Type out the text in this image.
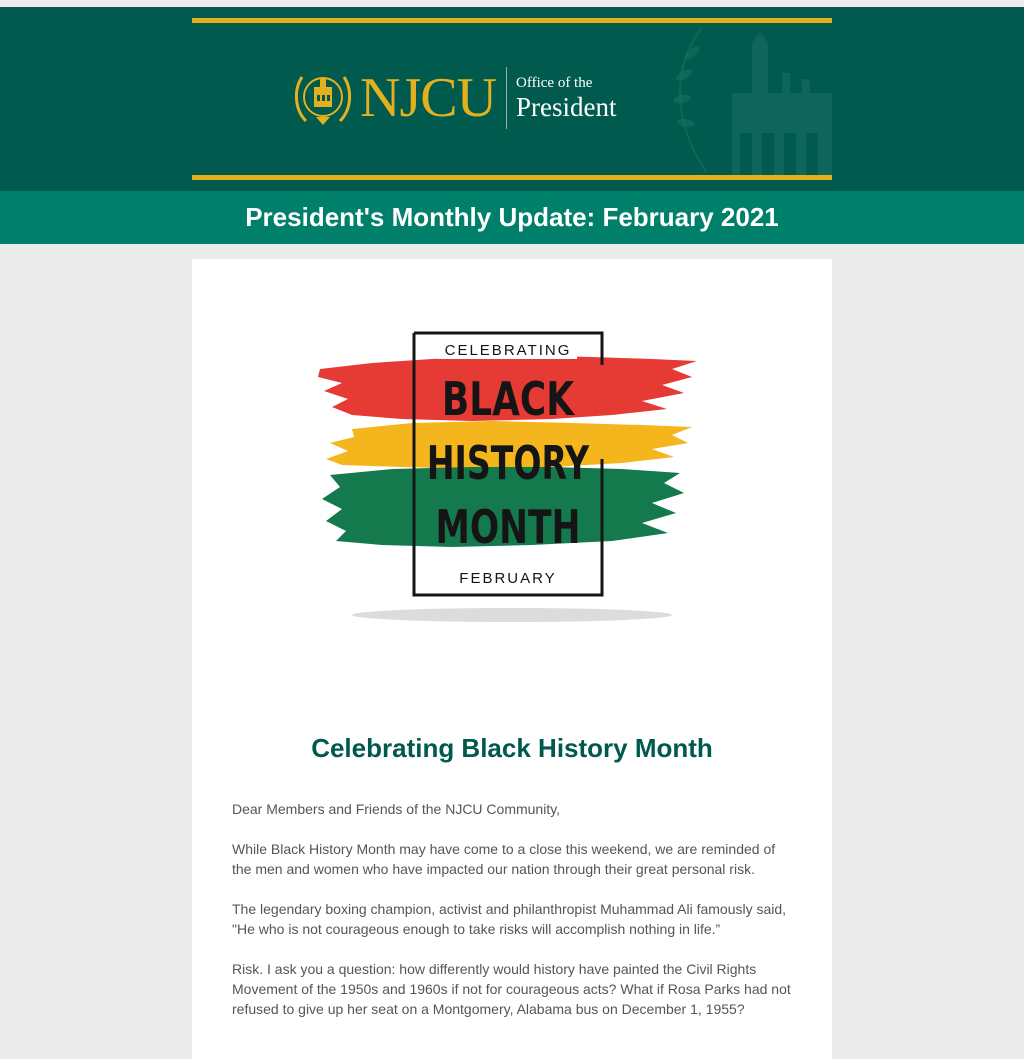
NJCU Office of the
President
President's Monthly Update: February 2021
CELEBRATING
BLACK
HISTORY
MONTH
FEBRUARY
Celebrating Black History Month

Dear Members and Friends of the NJCU Community,

While Black History Month may have come to a close this weekend, we are reminded of the men and women who have impacted our nation through their great personal risk.

The legendary boxing champion, activist and philanthropist Muhammad Ali famously said, "He who is not courageous enough to take risks will accomplish nothing in life.”

Risk. I ask you a question: how differently would history have painted the Civil Rights Movement of the 1950s and 1960s if not for courageous acts? What if Rosa Parks had not refused to give up her seat on a Montgomery, Alabama bus on December 1, 1955?
